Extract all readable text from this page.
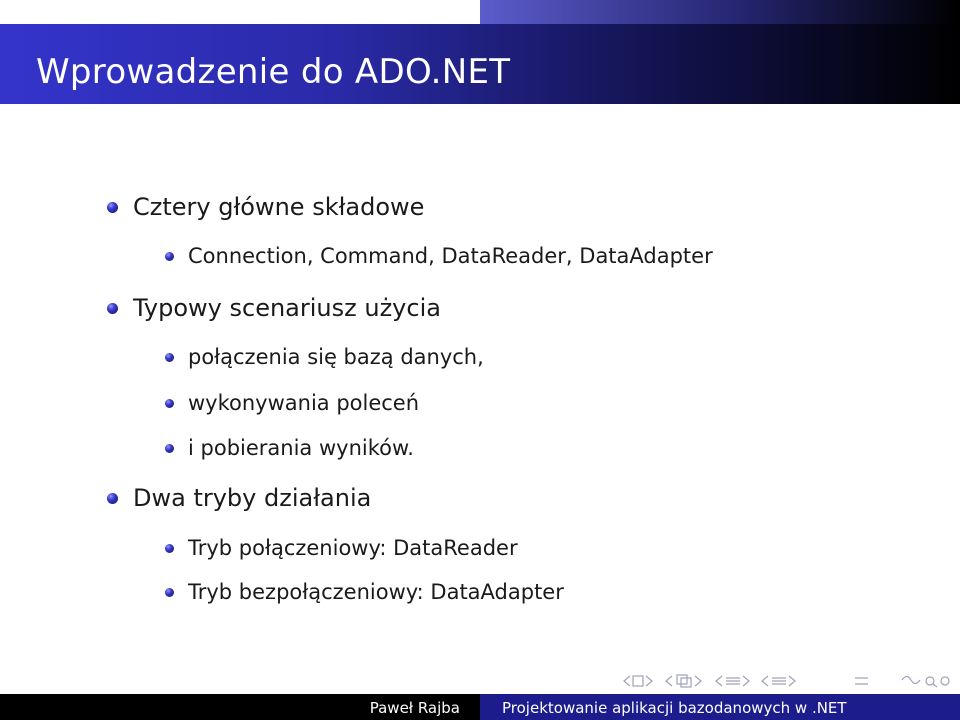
Wprowadzenie do ADO.NET
Cztery główne składowe
Connection, Command, DataReader, DataAdapter
Typowy scenariusz użycia
połączenia się bazą danych,
wykonywania poleceń
i pobierania wyników.
Dwa tryby działania
Tryb połączeniowy: DataReader
Tryb bezpołączeniowy: DataAdapter
Paweł Rajba	Projektowanie aplikacji bazodanowych w .NET
